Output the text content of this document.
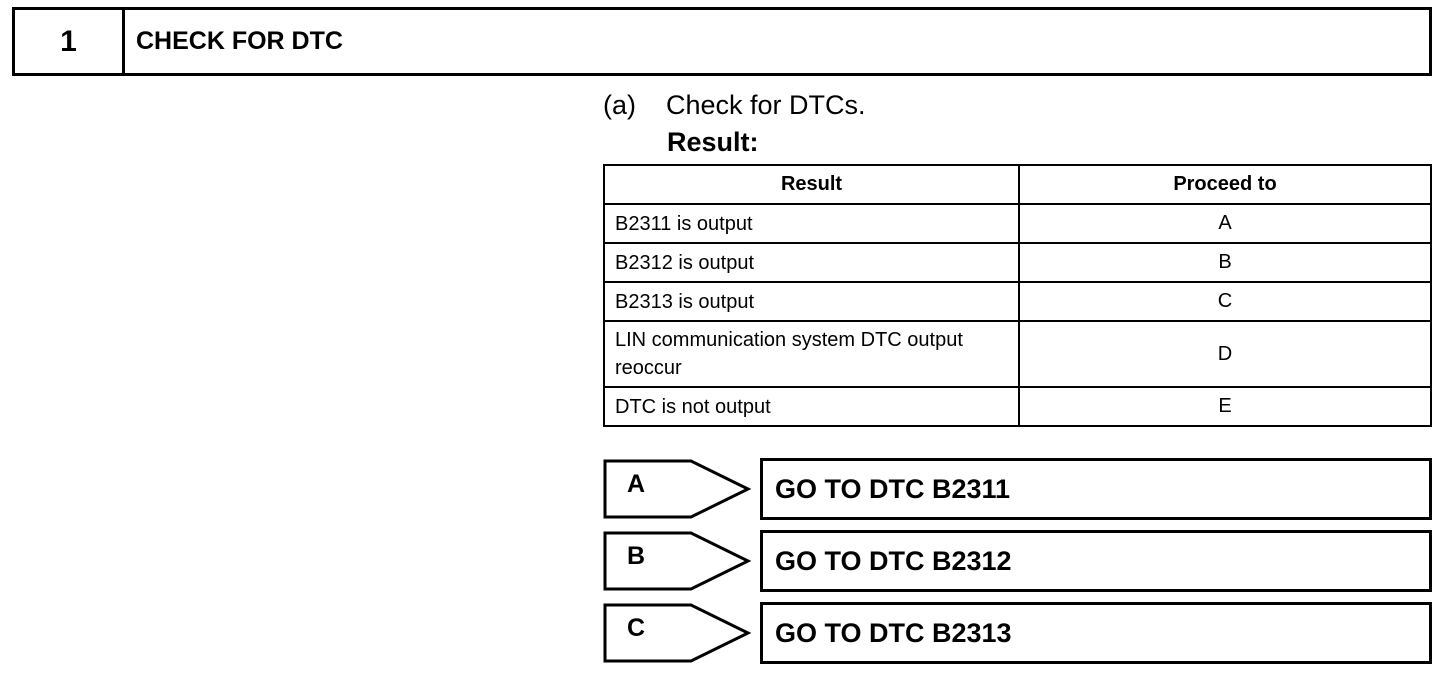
1	CHECK FOR DTC
(a) Check for DTCs.
Result:
Result	Proceed to
B2311 is output	A
B2312 is output	B
B2313 is output	C
LIN communication system DTC output reoccur	D
DTC is not output	E
A	GO TO DTC B2311
B	GO TO DTC B2312
C	GO TO DTC B2313
